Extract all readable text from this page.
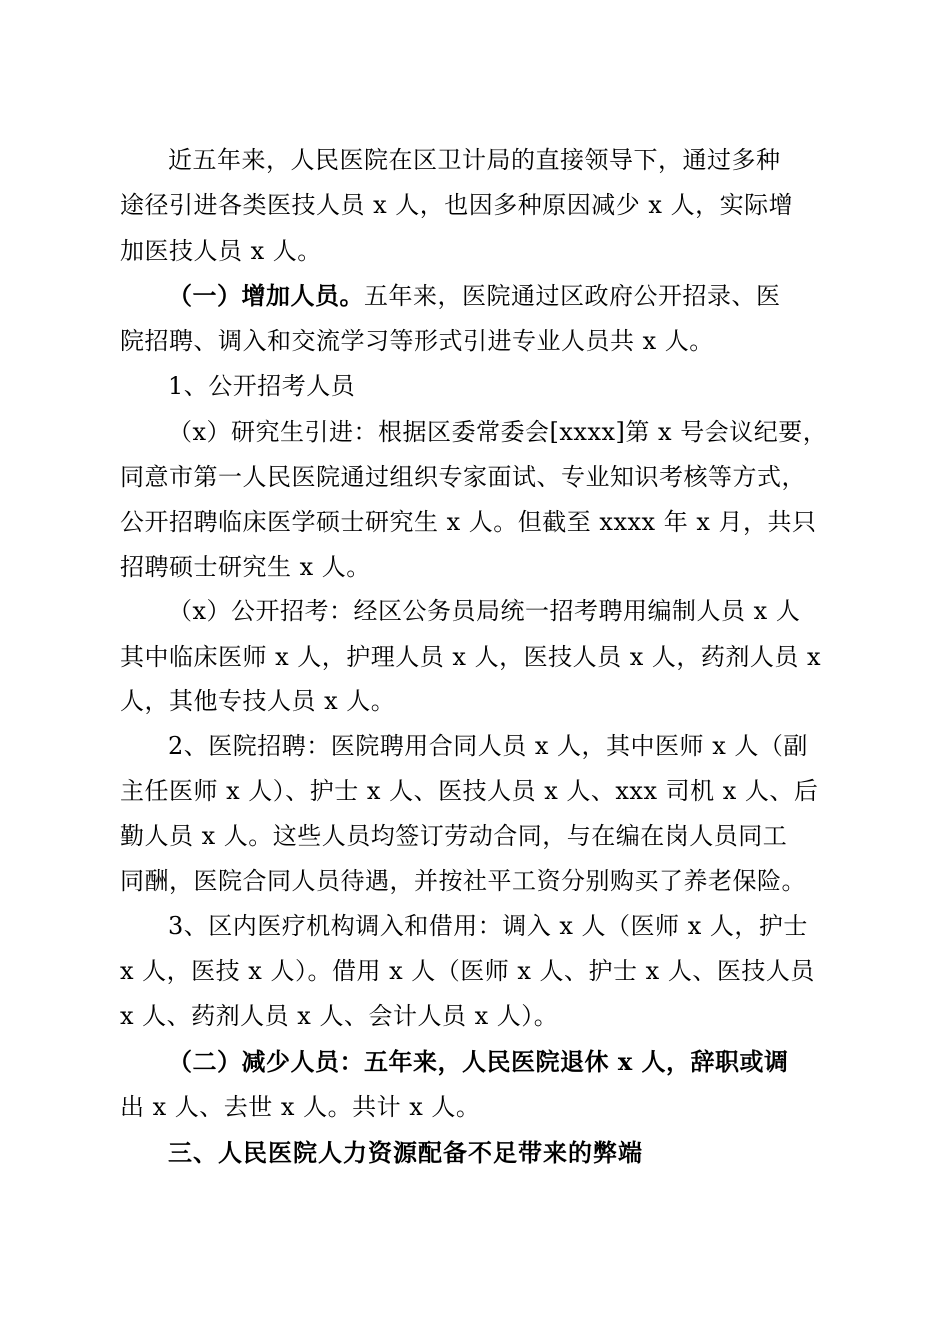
近五年来，人民医院在区卫计局的直接领导下，通过多种
途径引进各类医技人员 x 人，也因多种原因减少 x 人，实际增
加医技人员 x 人。
（一）增加人员。五年来，医院通过区政府公开招录、医
院招聘、调入和交流学习等形式引进专业人员共 x 人。
1、公开招考人员
（x）研究生引进：根据区委常委会[xxxx]第 x 号会议纪要，
同意市第一人民医院通过组织专家面试、专业知识考核等方式，
公开招聘临床医学硕士研究生 x 人。但截至 xxxx 年 x 月，共只
招聘硕士研究生 x 人。
（x）公开招考：经区公务员局统一招考聘用编制人员 x 人
其中临床医师 x 人，护理人员 x 人，医技人员 x 人，药剂人员 x
人，其他专技人员 x 人。
2、医院招聘：医院聘用合同人员 x 人，其中医师 x 人（副
主任医师 x 人）、护士 x 人、医技人员 x 人、xxx 司机 x 人、后
勤人员 x 人。这些人员均签订劳动合同，与在编在岗人员同工
同酬，医院合同人员待遇，并按社平工资分别购买了养老保险。
3、区内医疗机构调入和借用：调入 x 人（医师 x 人，护士
x 人，医技 x 人）。借用 x 人（医师 x 人、护士 x 人、医技人员
x 人、药剂人员 x 人、会计人员 x 人）。
（二）减少人员：五年来，人民医院退休 x 人，辞职或调
出 x 人、去世 x 人。共计 x 人。
三、人民医院人力资源配备不足带来的弊端
